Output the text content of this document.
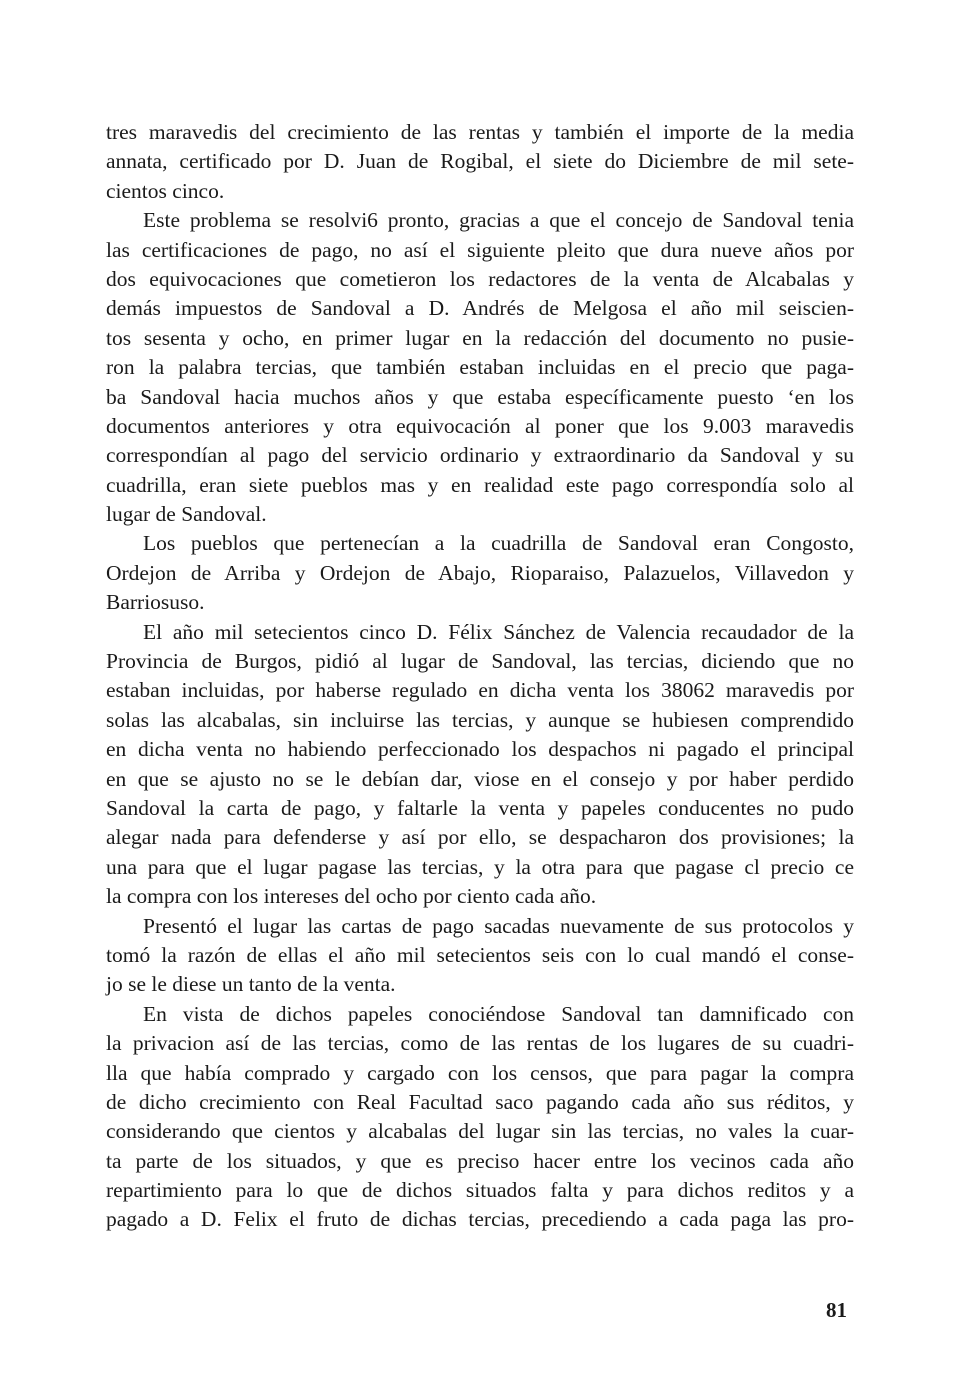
tres maravedis del crecimiento de las rentas y también el importe de la media
annata, certificado por D. Juan de Rogibal, el siete do Diciembre de mil sete-
cientos cinco.
Este problema se resolvi6 pronto, gracias a que el concejo de Sandoval tenia
las certificaciones de pago, no así el siguiente pleito que dura nueve años por
dos equivocaciones que cometieron los redactores de la venta de Alcabalas y
demás impuestos de Sandoval a D. Andrés de Melgosa el año mil seiscien-
tos sesenta y ocho, en primer lugar en la redacción del documento no pusie-
ron la palabra tercias, que también estaban incluidas en el precio que paga-
ba Sandoval hacia muchos años y que estaba específicamente puesto ‘en los
documentos anteriores y otra equivocación al poner que los 9.003 maravedis
correspondían al pago del servicio ordinario y extraordinario da Sandoval y su
cuadrilla, eran siete pueblos mas y en realidad este pago correspondía solo al
lugar de Sandoval.
Los pueblos que pertenecían a la cuadrilla de Sandoval eran Congosto,
Ordejon de Arriba y Ordejon de Abajo, Rioparaiso, Palazuelos, Villavedon y
Barriosuso.
El año mil setecientos cinco D. Félix Sánchez de Valencia recaudador de la
Provincia de Burgos, pidió al lugar de Sandoval, las tercias, diciendo que no
estaban incluidas, por haberse regulado en dicha venta los 38062 maravedis por
solas las alcabalas, sin incluirse las tercias, y aunque se hubiesen comprendido
en dicha venta no habiendo perfeccionado los despachos ni pagado el principal
en que se ajusto no se le debían dar, viose en el consejo y por haber perdido
Sandoval la carta de pago, y faltarle la venta y papeles conducentes no pudo
alegar nada para defenderse y así por ello, se despacharon dos provisiones; la
una para que el lugar pagase las tercias, y la otra para que pagase cl precio ce
la compra con los intereses del ocho por ciento cada año.
Presentó el lugar las cartas de pago sacadas nuevamente de sus protocolos y
tomó la razón de ellas el año mil setecientos seis con lo cual mandó el conse-
jo se le diese un tanto de la venta.
En vista de dichos papeles conociéndose Sandoval tan damnificado con
la privacion así de las tercias, como de las rentas de los lugares de su cuadri-
lla que había comprado y cargado con los censos, que para pagar la compra
de dicho crecimiento con Real Facultad saco pagando cada año sus réditos, y
considerando que cientos y alcabalas del lugar sin las tercias, no vales la cuar-
ta parte de los situados, y que es preciso hacer entre los vecinos cada año
repartimiento para lo que de dichos situados falta y para dichos reditos y a
pagado a D. Felix el fruto de dichas tercias, precediendo a cada paga las pro-
81
